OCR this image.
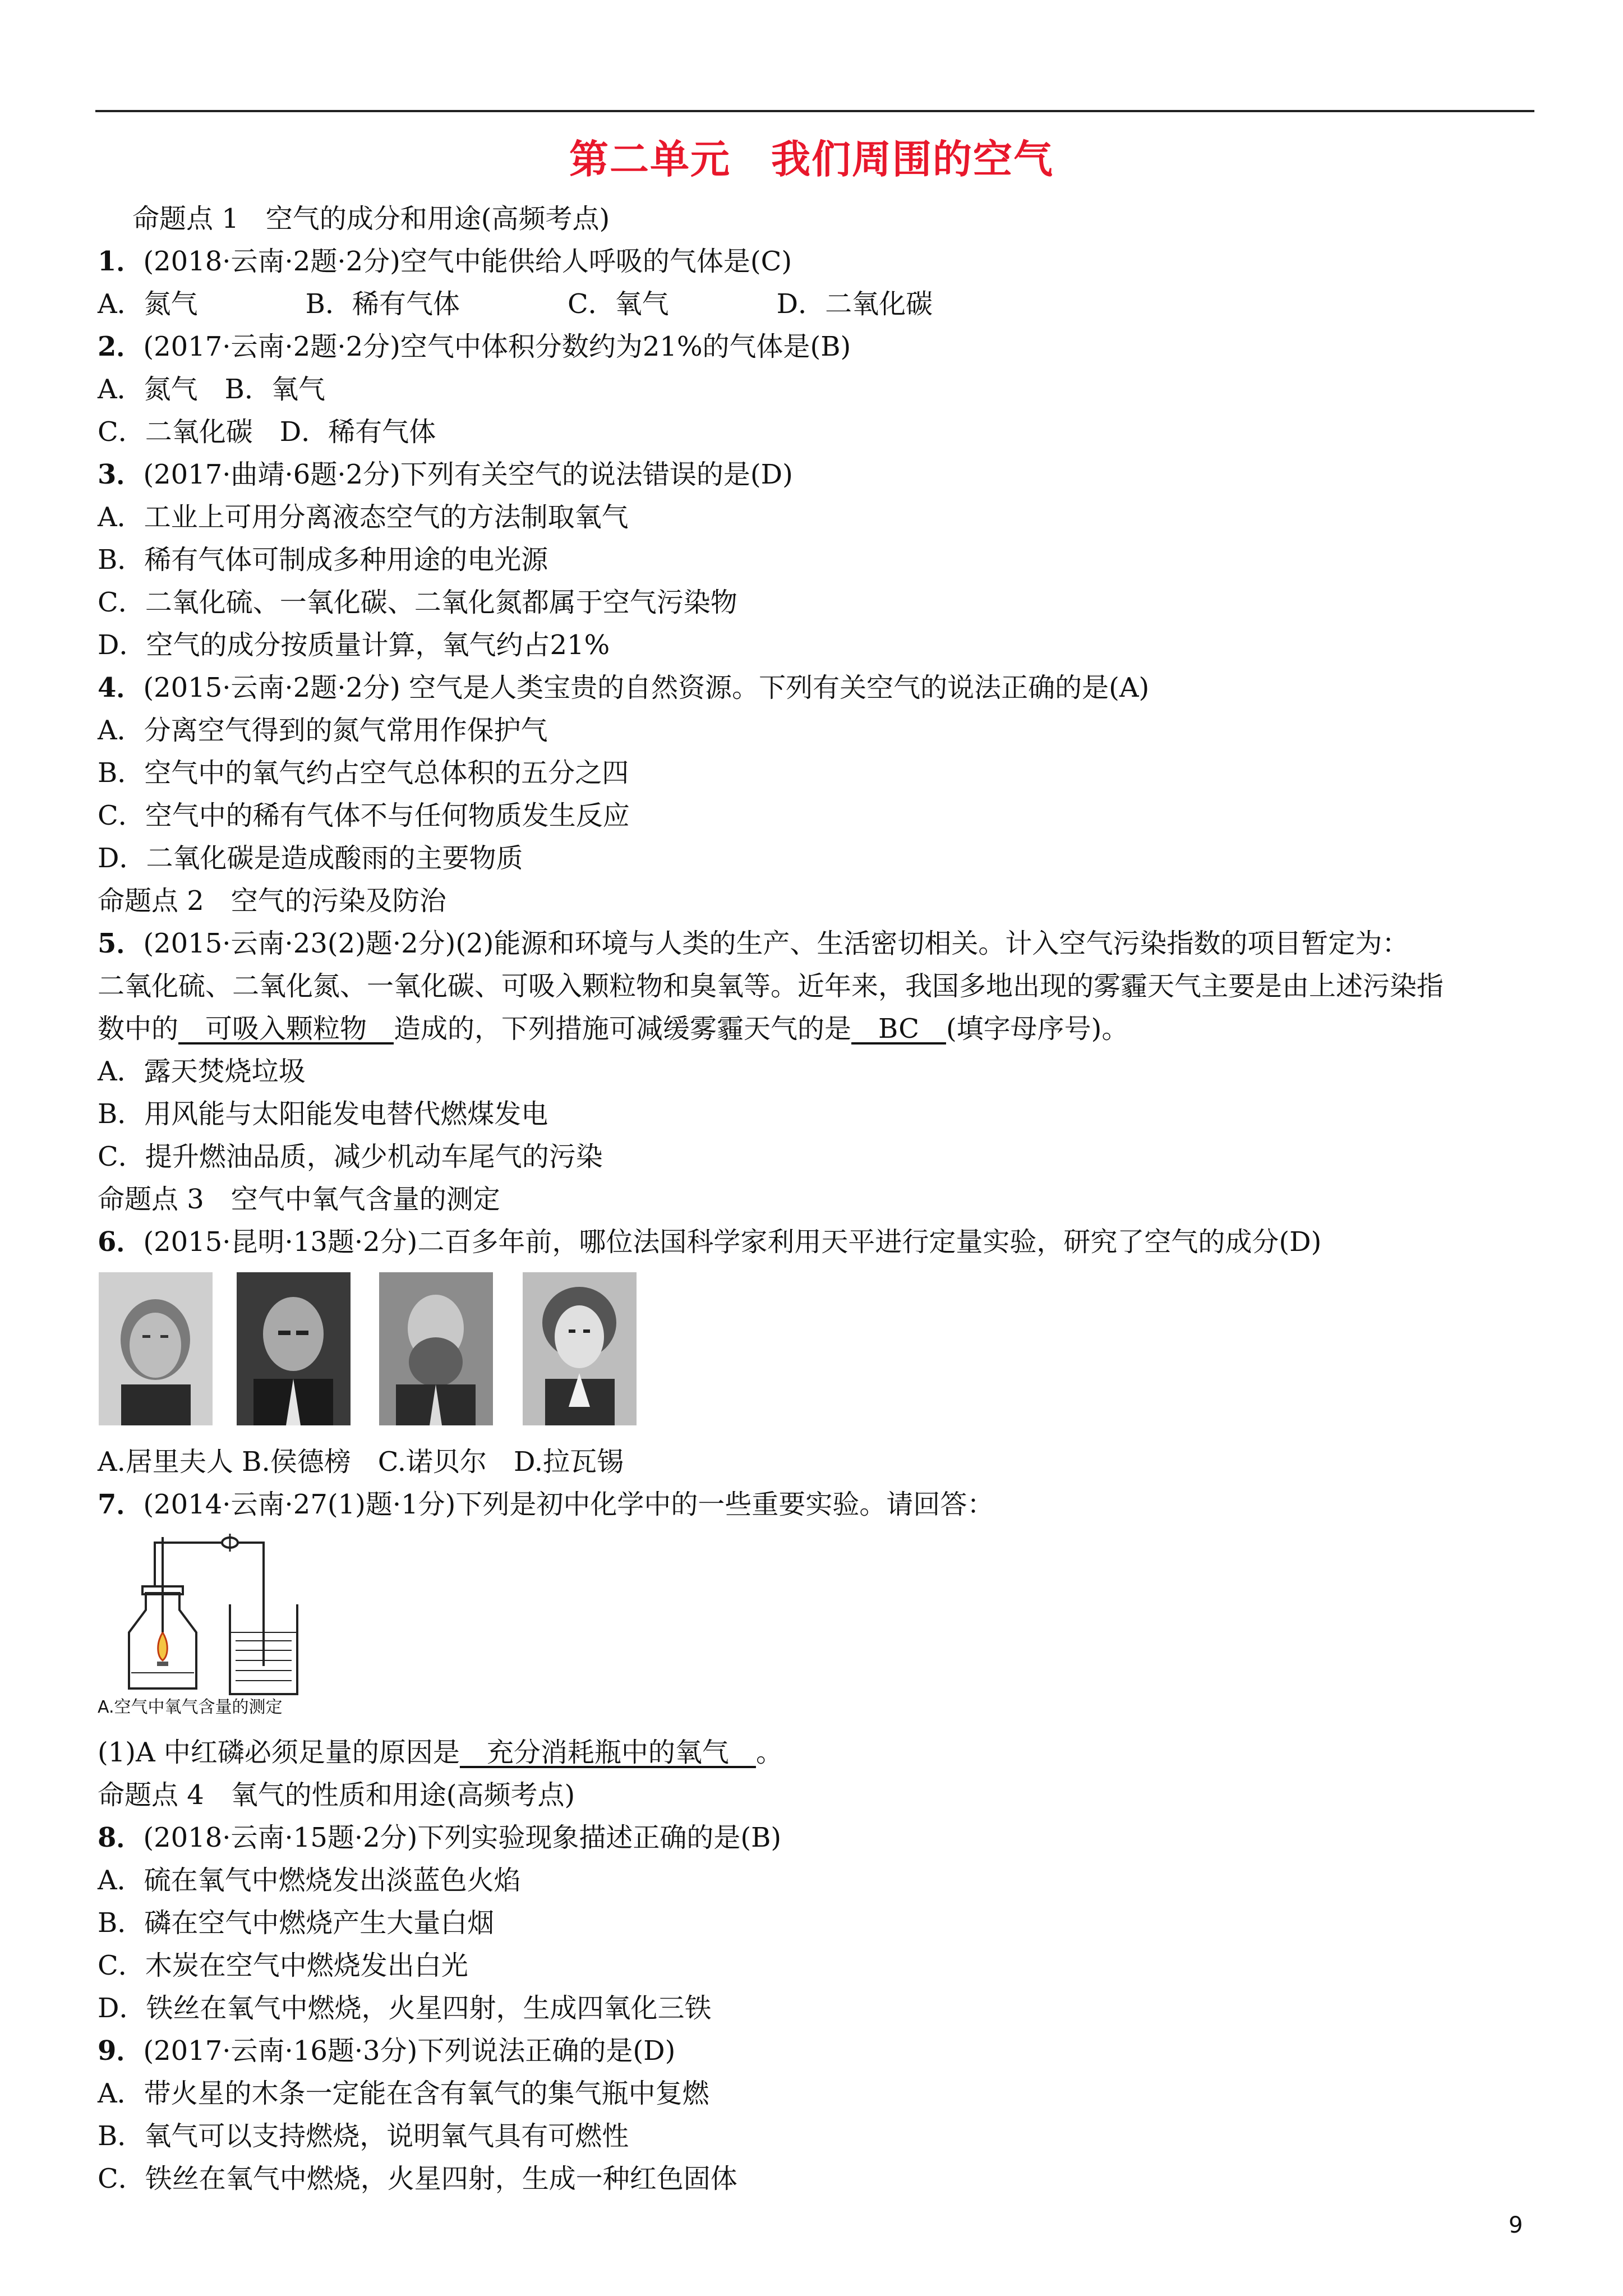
第二单元　我们周围的空气
命题点 1　空气的成分和用途(高频考点)
1．(2018·云南·2题·2分)空气中能供给人呼吸的气体是(C)
A．氮气　　　　B．稀有气体　　　　C．氧气　　　　D．二氧化碳
2．(2017·云南·2题·2分)空气中体积分数约为21%的气体是(B)
A．氮气　B．氧气
C．二氧化碳　D．稀有气体
3．(2017·曲靖·6题·2分)下列有关空气的说法错误的是(D)
A．工业上可用分离液态空气的方法制取氧气
B．稀有气体可制成多种用途的电光源
C．二氧化硫、一氧化碳、二氧化氮都属于空气污染物
D．空气的成分按质量计算，氧气约占21%
4．(2015·云南·2题·2分) 空气是人类宝贵的自然资源。下列有关空气的说法正确的是(A)
A．分离空气得到的氮气常用作保护气
B．空气中的氧气约占空气总体积的五分之四
C．空气中的稀有气体不与任何物质发生反应
D．二氧化碳是造成酸雨的主要物质
命题点 2　空气的污染及防治
5．(2015·云南·23(2)题·2分)(2)能源和环境与人类的生产、生活密切相关。计入空气污染指数的项目暂定为：
二氧化硫、二氧化氮、一氧化碳、可吸入颗粒物和臭氧等。近年来，我国多地出现的雾霾天气主要是由上述污染指
数中的　可吸入颗粒物　造成的，下列措施可减缓雾霾天气的是　BC　(填字母序号)。
A．露天焚烧垃圾
B．用风能与太阳能发电替代燃煤发电
C．提升燃油品质，减少机动车尾气的污染
命题点 3　空气中氧气含量的测定
6．(2015·昆明·13题·2分)二百多年前，哪位法国科学家利用天平进行定量实验，研究了空气的成分(D)
A.居里夫人 B.侯德榜　C.诺贝尔　D.拉瓦锡
7．(2014·云南·27(1)题·1分)下列是初中化学中的一些重要实验。请回答：
A.空气中氧气含量的测定
(1)A 中红磷必须足量的原因是　充分消耗瓶中的氧气　。
命题点 4　氧气的性质和用途(高频考点)
8．(2018·云南·15题·2分)下列实验现象描述正确的是(B)
A．硫在氧气中燃烧发出淡蓝色火焰
B．磷在空气中燃烧产生大量白烟
C．木炭在空气中燃烧发出白光
D．铁丝在氧气中燃烧，火星四射，生成四氧化三铁
9．(2017·云南·16题·3分)下列说法正确的是(D)
A．带火星的木条一定能在含有氧气的集气瓶中复燃
B．氧气可以支持燃烧，说明氧气具有可燃性
C．铁丝在氧气中燃烧，火星四射，生成一种红色固体
9
